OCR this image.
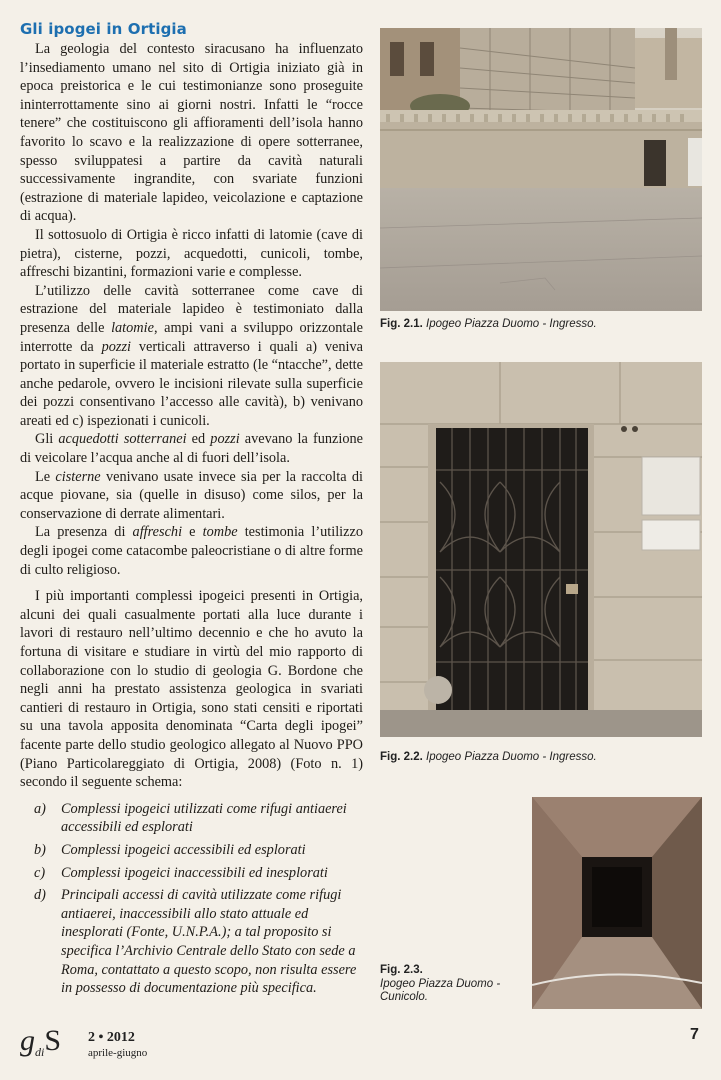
Gli ipogei in Ortigia

La geologia del contesto siracusano ha influenzato l’insediamento umano nel sito di Ortigia iniziato già in epoca preistorica e le cui testimonianze sono proseguite ininterrottamente sino ai giorni nostri. Infatti le “rocce tenere” che costituiscono gli affioramenti dell’isola hanno favorito lo scavo e la realizzazione di opere sotterranee, spesso sviluppatesi a partire da cavità naturali successivamente ingrandite, con svariate funzioni (estrazione di materiale lapideo, veicolazione e captazione di acqua).

Il sottosuolo di Ortigia è ricco infatti di latomie (cave di pietra), cisterne, pozzi, acquedotti, cunicoli, tombe, affreschi bizantini, formazioni varie e complesse.

L’utilizzo delle cavità sotterranee come cave di estrazione del materiale lapideo è testimoniato dalla presenza delle latomie, ampi vani a sviluppo orizzontale interrotte da pozzi verticali attraverso i quali a) veniva portato in superficie il materiale estratto (le “ntacche”, dette anche pedarole, ovvero le incisioni rilevate sulla superficie dei pozzi consentivano l’accesso alle cavità), b) venivano areati ed c) ispezionati i cunicoli.

Gli acquedotti sotterranei ed pozzi avevano la funzione di veicolare l’acqua anche al di fuori dell’isola.

Le cisterne venivano usate invece sia per la raccolta di acque piovane, sia (quelle in disuso) come silos, per la conservazione di derrate alimentari.

La presenza di affreschi e tombe testimonia l’utilizzo degli ipogei come catacombe paleocristiane o di altre forme di culto religioso.

I più importanti complessi ipogeici presenti in Ortigia, alcuni dei quali casualmente portati alla luce durante i lavori di restauro nell’ultimo decennio e che ho avuto la fortuna di visitare e studiare in virtù del mio rapporto di collaborazione con lo studio di geologia G. Bordone che negli anni ha prestato assistenza geologica in svariati cantieri di restauro in Ortigia, sono stati censiti e riportati su una tavola apposita denominata “Carta degli ipogei” facente parte dello studio geologico allegato al Nuovo PPO (Piano Particolareggiato di Ortigia, 2008) (Foto n. 1) secondo il seguente schema:

a)	Complessi ipogeici utilizzati come rifugi antiaerei accessibili ed esplorati
b)	Complessi ipogeici accessibili ed esplorati
c)	Complessi ipogeici inaccessibili ed inesplorati
d)	Principali accessi di cavità utilizzate come rifugi antiaerei, inaccessibili allo stato attuale ed inesplorati (Fonte, U.N.P.A.); a tal proposito si specifica l’Archivio Centrale dello Stato con sede a Roma, contattato a questo scopo, non risulta essere in possesso di documentazione più specifica.
Fig. 2.1. Ipogeo Piazza Duomo - Ingresso.
Fig. 2.2. Ipogeo Piazza Duomo - Ingresso.
Fig. 2.3.
Ipogeo Piazza Duomo - Cunicolo.
$g_{di}S$ 2 • 2012
aprile-giugno
7
